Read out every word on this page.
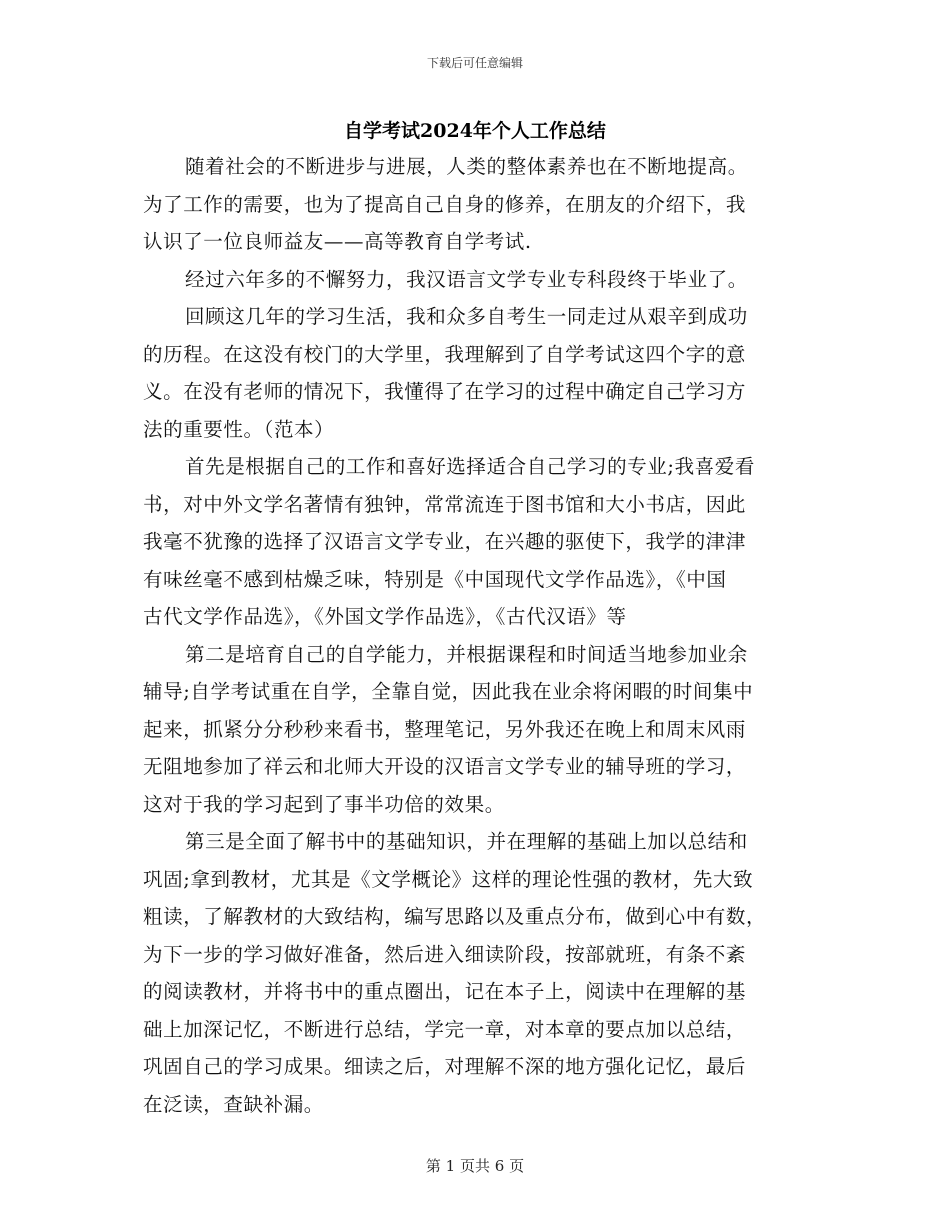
下载后可任意编辑
自学考试2024年个人工作总结
随着社会的不断进步与进展，人类的整体素养也在不断地提高。
为了工作的需要，也为了提高自己自身的修养，在朋友的介绍下，我
认识了一位良师益友——高等教育自学考试.
经过六年多的不懈努力，我汉语言文学专业专科段终于毕业了。
回顾这几年的学习生活，我和众多自考生一同走过从艰辛到成功
的历程。在这没有校门的大学里，我理解到了自学考试这四个字的意
义。在没有老师的情况下，我懂得了在学习的过程中确定自己学习方
法的重要性。（范本）
首先是根据自己的工作和喜好选择适合自己学习的专业;我喜爱看
书，对中外文学名著情有独钟，常常流连于图书馆和大小书店，因此
我毫不犹豫的选择了汉语言文学专业，在兴趣的驱使下，我学的津津
有味丝毫不感到枯燥乏味，特别是《中国现代文学作品选》，《中国
古代文学作品选》，《外国文学作品选》，《古代汉语》等
第二是培育自己的自学能力，并根据课程和时间适当地参加业余
辅导;自学考试重在自学，全靠自觉，因此我在业余将闲暇的时间集中
起来，抓紧分分秒秒来看书，整理笔记，另外我还在晚上和周末风雨
无阻地参加了祥云和北师大开设的汉语言文学专业的辅导班的学习，
这对于我的学习起到了事半功倍的效果。
第三是全面了解书中的基础知识，并在理解的基础上加以总结和
巩固;拿到教材，尤其是《文学概论》这样的理论性强的教材，先大致
粗读，了解教材的大致结构，编写思路以及重点分布，做到心中有数，
为下一步的学习做好准备，然后进入细读阶段，按部就班，有条不紊
的阅读教材，并将书中的重点圈出，记在本子上，阅读中在理解的基
础上加深记忆，不断进行总结，学完一章，对本章的要点加以总结，
巩固自己的学习成果。细读之后，对理解不深的地方强化记忆，最后
在泛读，查缺补漏。
第 1 页共 6 页
